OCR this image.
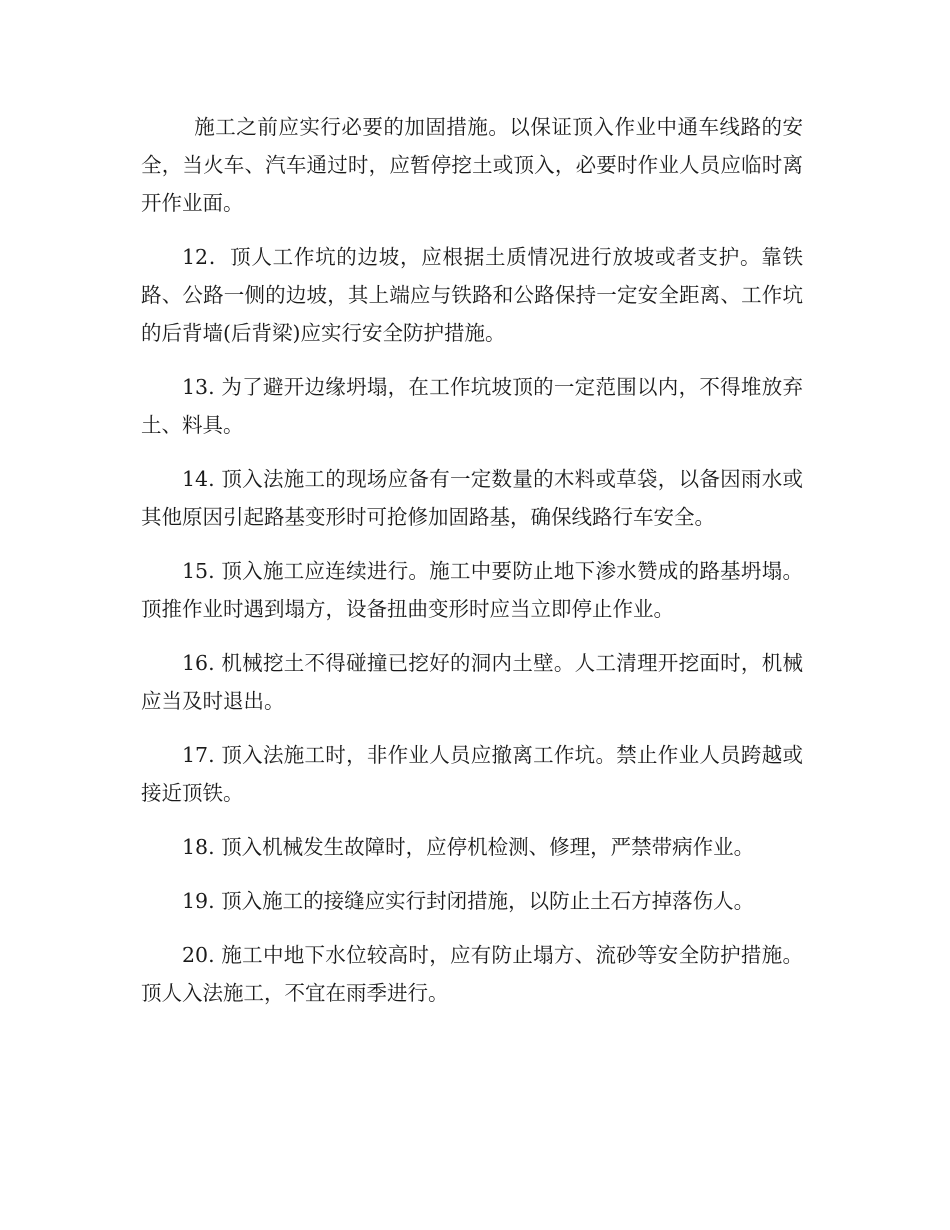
施工之前应实行必要的加固措施。以保证顶入作业中通车线路的安全，当火车、汽车通过时，应暂停挖土或顶入，必要时作业人员应临时离开作业面。

12．顶人工作坑的边坡，应根据土质情况进行放坡或者支护。靠铁路、公路一侧的边坡，其上端应与铁路和公路保持一定安全距离、工作坑的后背墙(后背梁)应实行安全防护措施。

13. 为了避开边缘坍塌，在工作坑坡顶的一定范围以内，不得堆放弃土、料具。

14. 顶入法施工的现场应备有一定数量的木料或草袋，以备因雨水或其他原因引起路基变形时可抢修加固路基，确保线路行车安全。

15. 顶入施工应连续进行。施工中要防止地下渗水赞成的路基坍塌。顶推作业时遇到塌方，设备扭曲变形时应当立即停止作业。

16. 机械挖土不得碰撞已挖好的洞内土壁。人工清理开挖面时，机械应当及时退出。

17. 顶入法施工时，非作业人员应撤离工作坑。禁止作业人员跨越或接近顶铁。

18. 顶入机械发生故障时，应停机检测、修理，严禁带病作业。

19. 顶入施工的接缝应实行封闭措施，以防止土石方掉落伤人。

20. 施工中地下水位较高时，应有防止塌方、流砂等安全防护措施。顶人入法施工，不宜在雨季进行。
